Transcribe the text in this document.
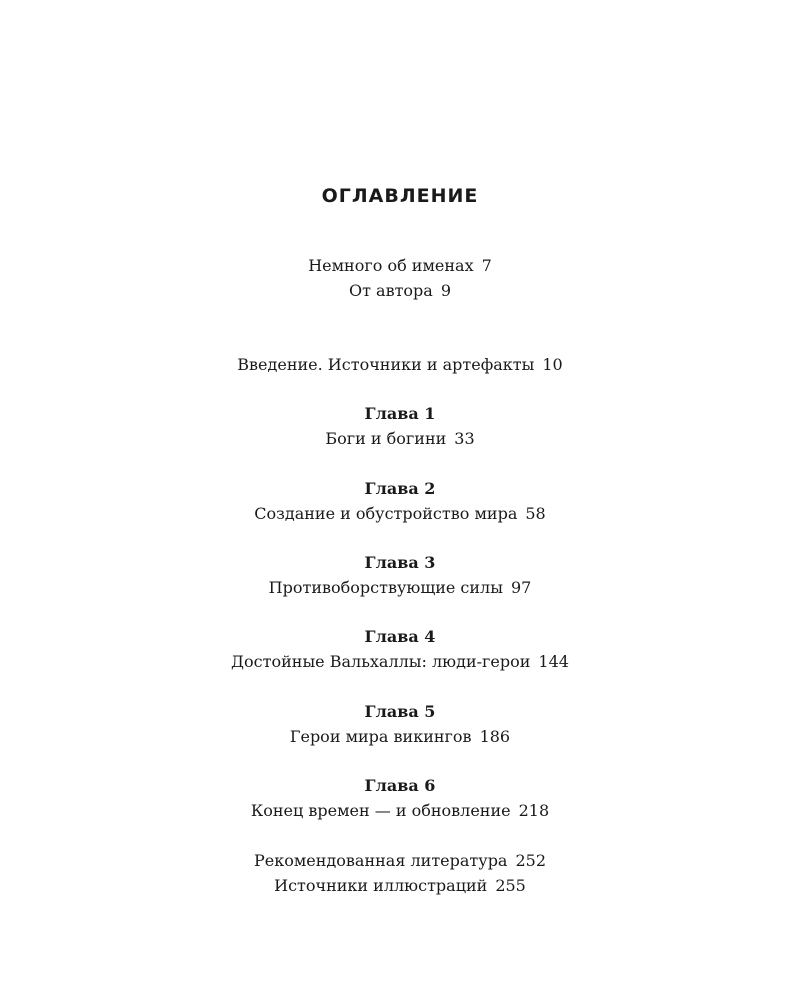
ОГЛАВЛЕНИЕ
Немного об именах 7
От автора 9
Введение. Источники и артефакты 10
Глава 1
Боги и богини 33
Глава 2
Создание и обустройство мира 58
Глава 3
Противоборствующие силы 97
Глава 4
Достойные Вальхаллы: люди-герои 144
Глава 5
Герои мира викингов 186
Глава 6
Конец времен — и обновление 218
Рекомендованная литература 252
Источники иллюстраций 255
